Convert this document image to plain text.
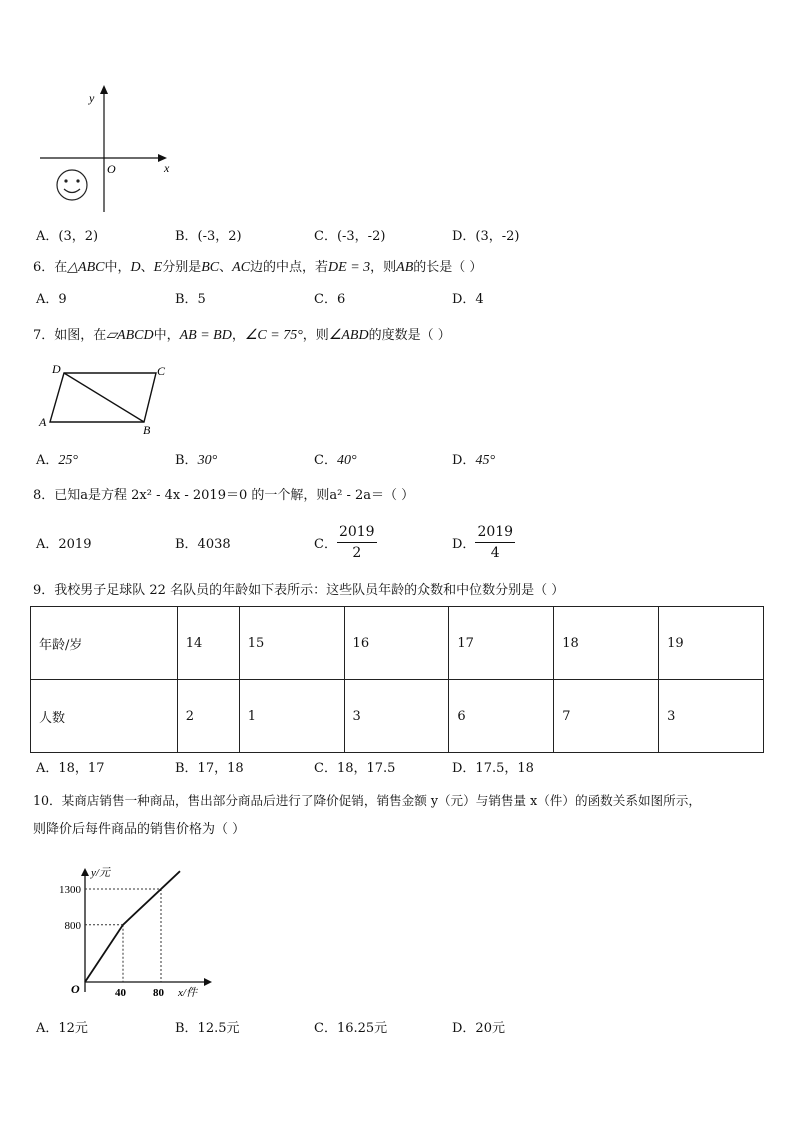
y
x
O
A．(3，2)	B．(-3，2)	C．(-3，-2)	D．(3，-2)
6．在△ABC中，D、E分别是BC、AC边的中点，若DE = 3，则AB的长是（ ）
A．9	B．5	C．6	D．4
7．如图，在▱ABCD中，AB = BD，∠C = 75°，则∠ABD的度数是（ ）
D	C
A
B
A．25°	B．30°	C．40°	D．45°
8．已知a是方程 2x² - 4x - 2019＝0 的一个解，则a² - 2a＝（ ）
A．2019	B．4038	C． $\frac{2019}{2}$	D． $\frac{2019}{4}$
9．我校男子足球队 22 名队员的年龄如下表所示：这些队员年龄的众数和中位数分别是（ ）
年龄/岁	14	15	16	17	18	19
人数	2	1	3	6	7	3
A．18，17	B．17，18	C．18，17.5	D．17.5，18
10．某商店销售一种商品，售出部分商品后进行了降价促销，销售金额 y（元）与销售量 x（件）的函数关系如图所示，
则降价后每件商品的销售价格为（ ）
y/元
x/件
O	40 80
800
1300
A．12元	B．12.5元	C．16.25元	D．20元
